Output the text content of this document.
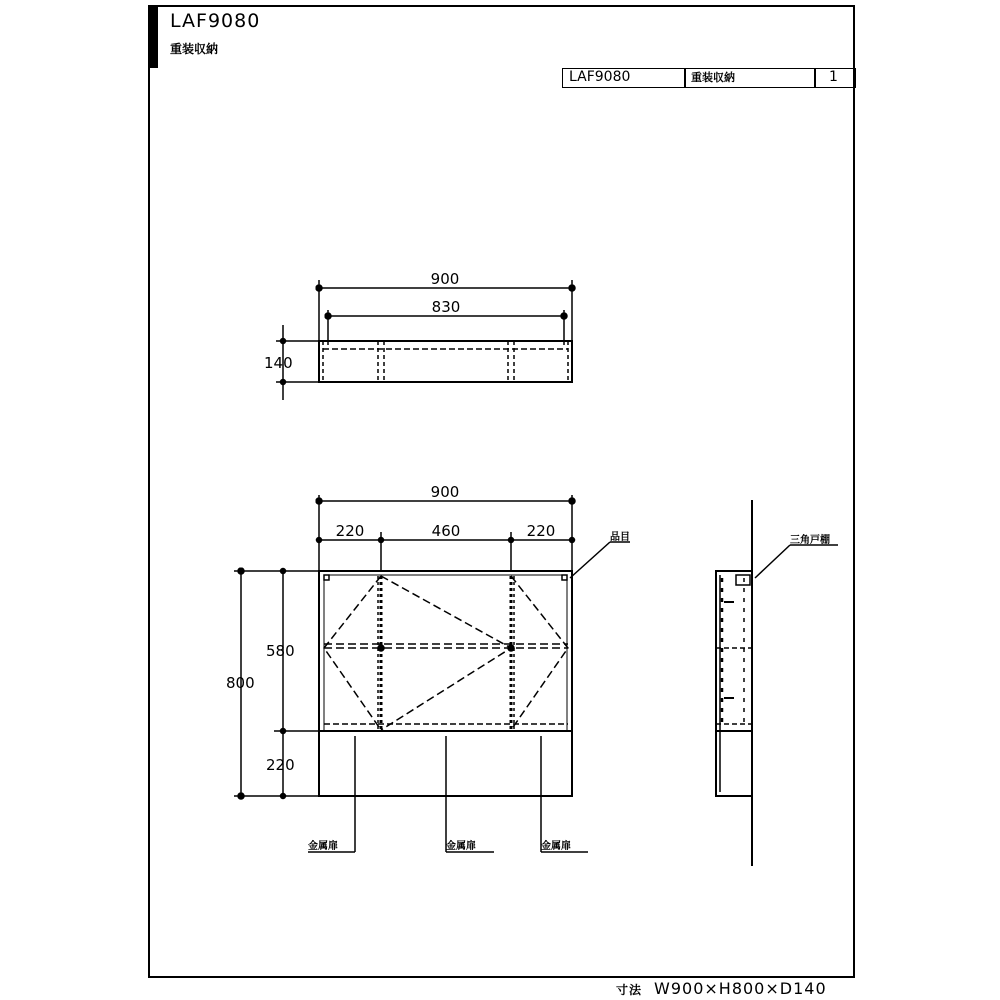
LAF9080
重装収納
LAF9080	重装収納	1
900
830
140
900
220	460	220
800
580
220
品目
金属扉	金属扉	金属扉
三角戸棚
寸法 W900×H800×D140
